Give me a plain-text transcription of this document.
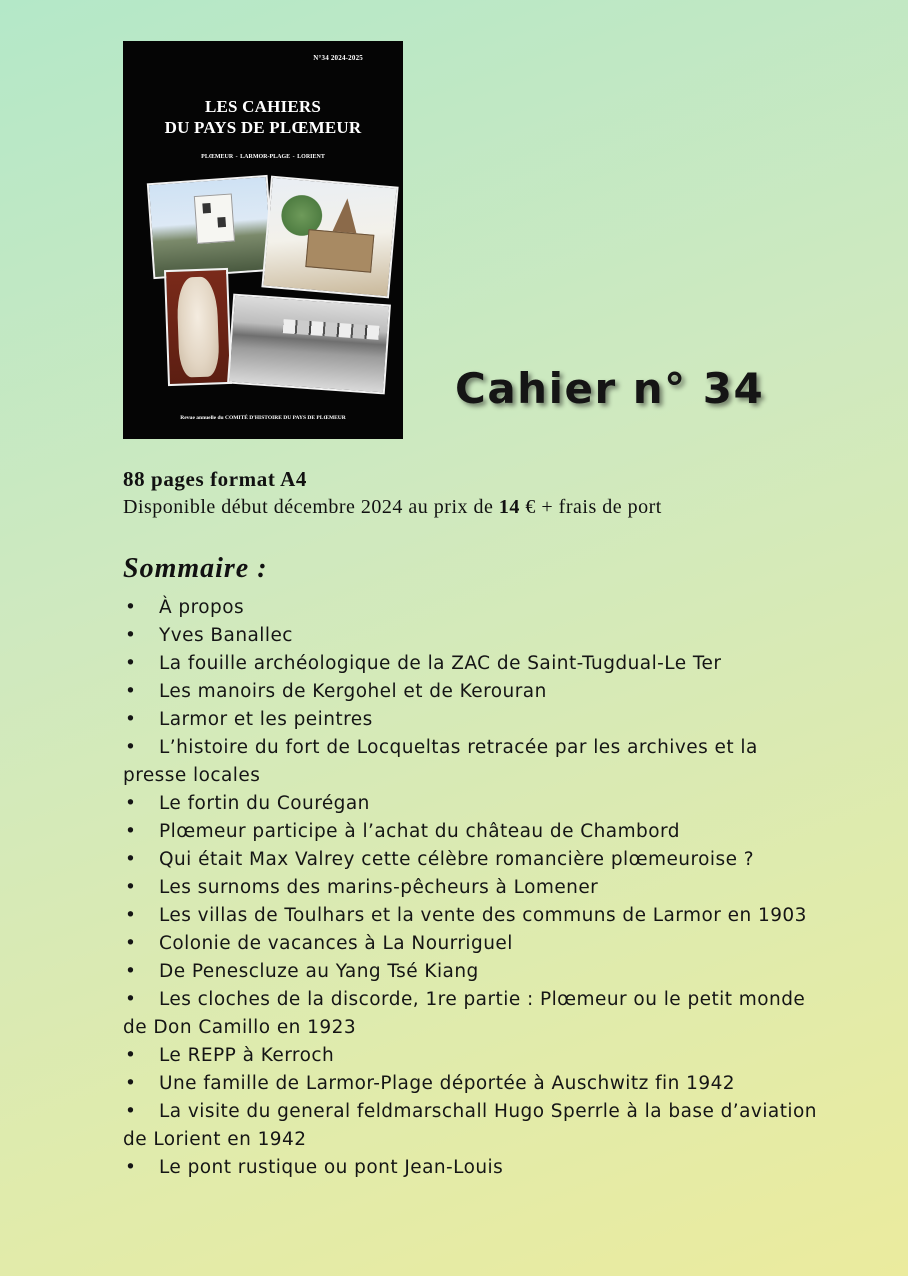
N°34 2024-2025
LES CAHIERS
DU PAYS DE PLŒMEUR
PLŒMEUR - LARMOR-PLAGE - LORIENT
Revue annuelle du COMITÉ D'HISTOIRE DU PAYS DE PLŒMEUR
Cahier n° 34
88 pages format A4
Disponible début décembre 2024 au prix de 14 € + frais de port
Sommaire :
• À propos
• Yves Banallec
• La fouille archéologique de la ZAC de Saint-Tugdual-Le Ter
• Les manoirs de Kergohel et de Kerouran
• Larmor et les peintres
• L’histoire du fort de Locqueltas retracée par les archives et la presse locales
• Le fortin du Courégan
• Plœmeur participe à l’achat du château de Chambord
• Qui était Max Valrey cette célèbre romancière plœmeuroise ?
• Les surnoms des marins-pêcheurs à Lomener
• Les villas de Toulhars et la vente des communs de Larmor en 1903
• Colonie de vacances à La Nourriguel
• De Penescluze au Yang Tsé Kiang
• Les cloches de la discorde, 1re partie : Plœmeur ou le petit monde de Don Camillo en 1923
• Le REPP à Kerroch
• Une famille de Larmor-Plage déportée à Auschwitz fin 1942
• La visite du general feldmarschall Hugo Sperrle à la base d’aviation de Lorient en 1942
• Le pont rustique ou pont Jean-Louis
